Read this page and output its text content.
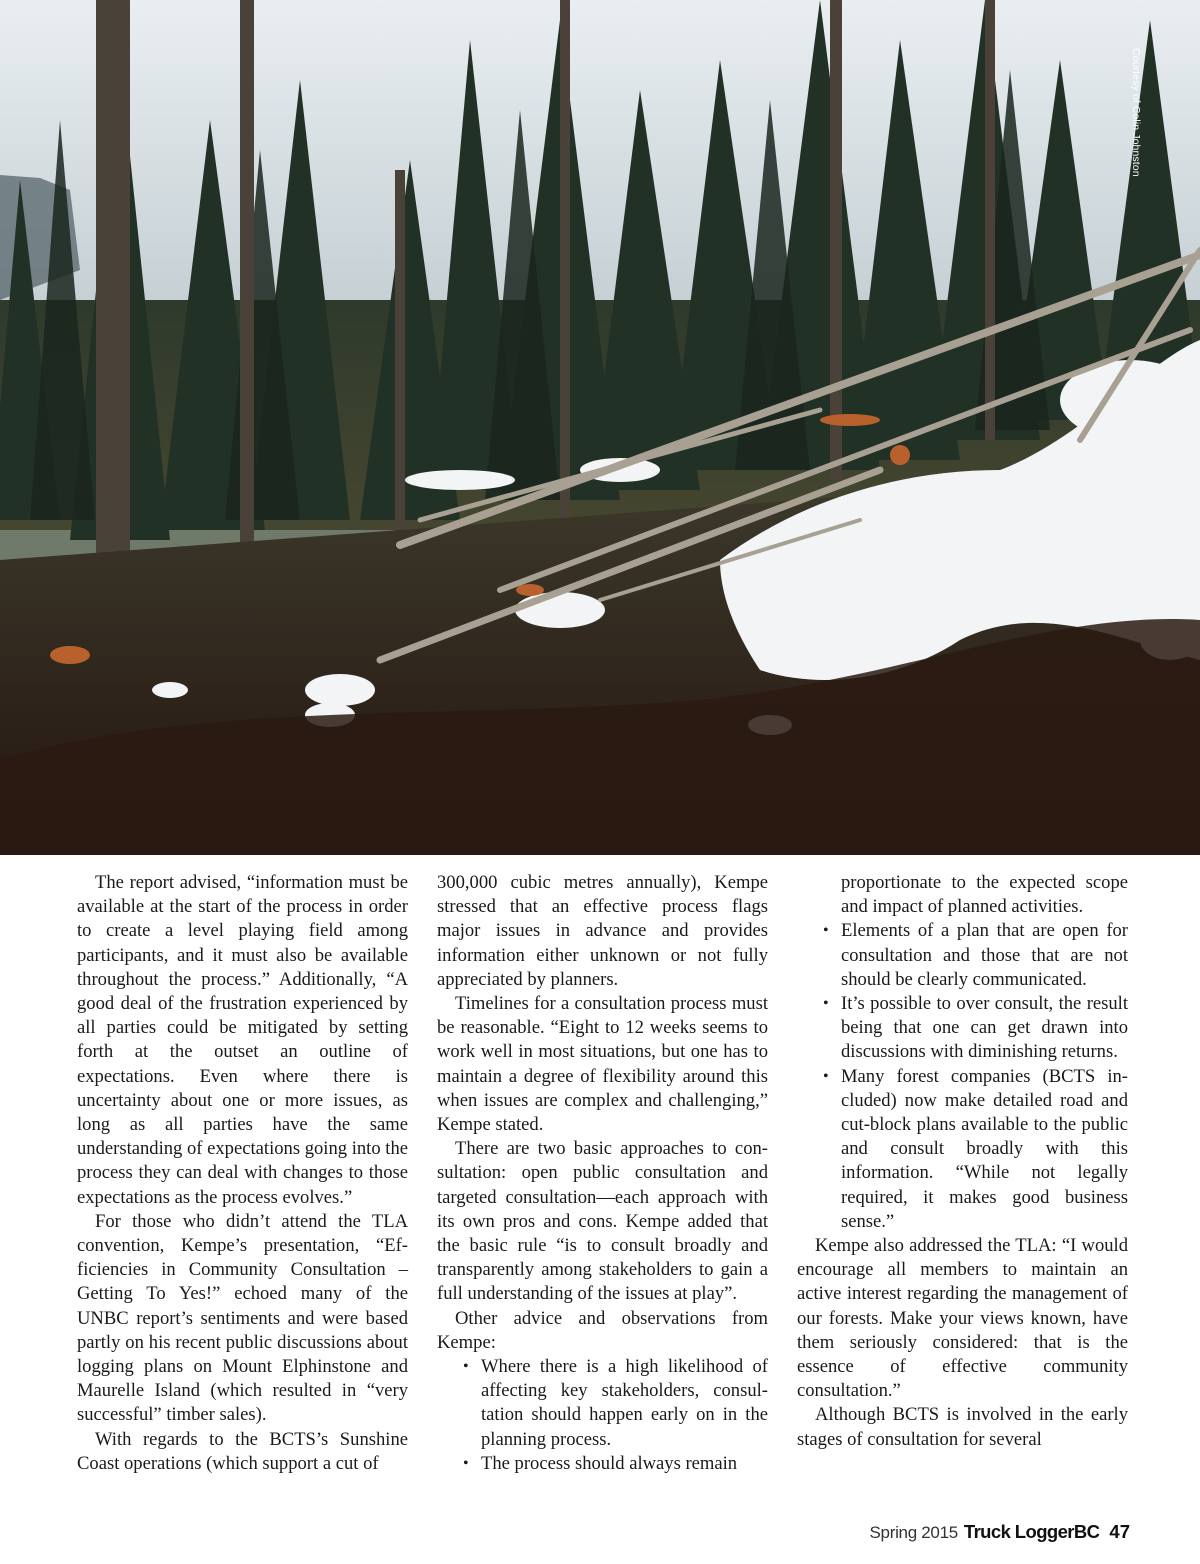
Courtesy of Colin Johnston

The report advised, “information must be available at the start of the process in order to create a level playing field among participants, and it must also be available throughout the process.” Additionally, “A good deal of the frustration experienced by all parties could be mitigated by setting forth at the outset an outline of expectations. Even where there is uncertainty about one or more issues, as long as all parties have the same understanding of expectations going into the process they can deal with changes to those expectations as the process evolves.”

For those who didn’t attend the TLA convention, Kempe’s presentation, “Efficiencies in Community Consultation – Getting To Yes!” echoed many of the UNBC report’s sentiments and were based partly on his recent public discussions about logging plans on Mount Elphinstone and Maurelle Island (which resulted in “very successful” timber sales).

With regards to the BCTS’s Sunshine Coast operations (which support a cut of

300,000 cubic metres annually), Kempe stressed that an effective process flags major issues in advance and provides information either unknown or not fully appreciated by planners.

Timelines for a consultation process must be reasonable. “Eight to 12 weeks seems to work well in most situations, but one has to maintain a degree of flexibility around this when issues are complex and challenging,” Kempe stated.

There are two basic approaches to consultation: open public consultation and targeted consultation—each approach with its own pros and cons. Kempe added that the basic rule “is to consult broadly and transparently among stakeholders to gain a full understanding of the issues at play”.

Other advice and observations from Kempe:

• Where there is a high likelihood of affecting key stakeholders, consultation should happen early on in the planning process.
• The process should always remain

proportionate to the expected scope and impact of planned activities.

• Elements of a plan that are open for consultation and those that are not should be clearly communicated.
• It’s possible to over consult, the result being that one can get drawn into discussions with diminishing returns.
• Many forest companies (BCTS included) now make detailed road and cut-block plans available to the public and consult broadly with this information. “While not legally required, it makes good business sense.”

Kempe also addressed the TLA: “I would encourage all members to maintain an active interest regarding the management of our forests. Make your views known, have them seriously considered: that is the essence of effective community consultation.”

Although BCTS is involved in the early stages of consultation for several

Spring 2015 Truck LoggerBC 47
